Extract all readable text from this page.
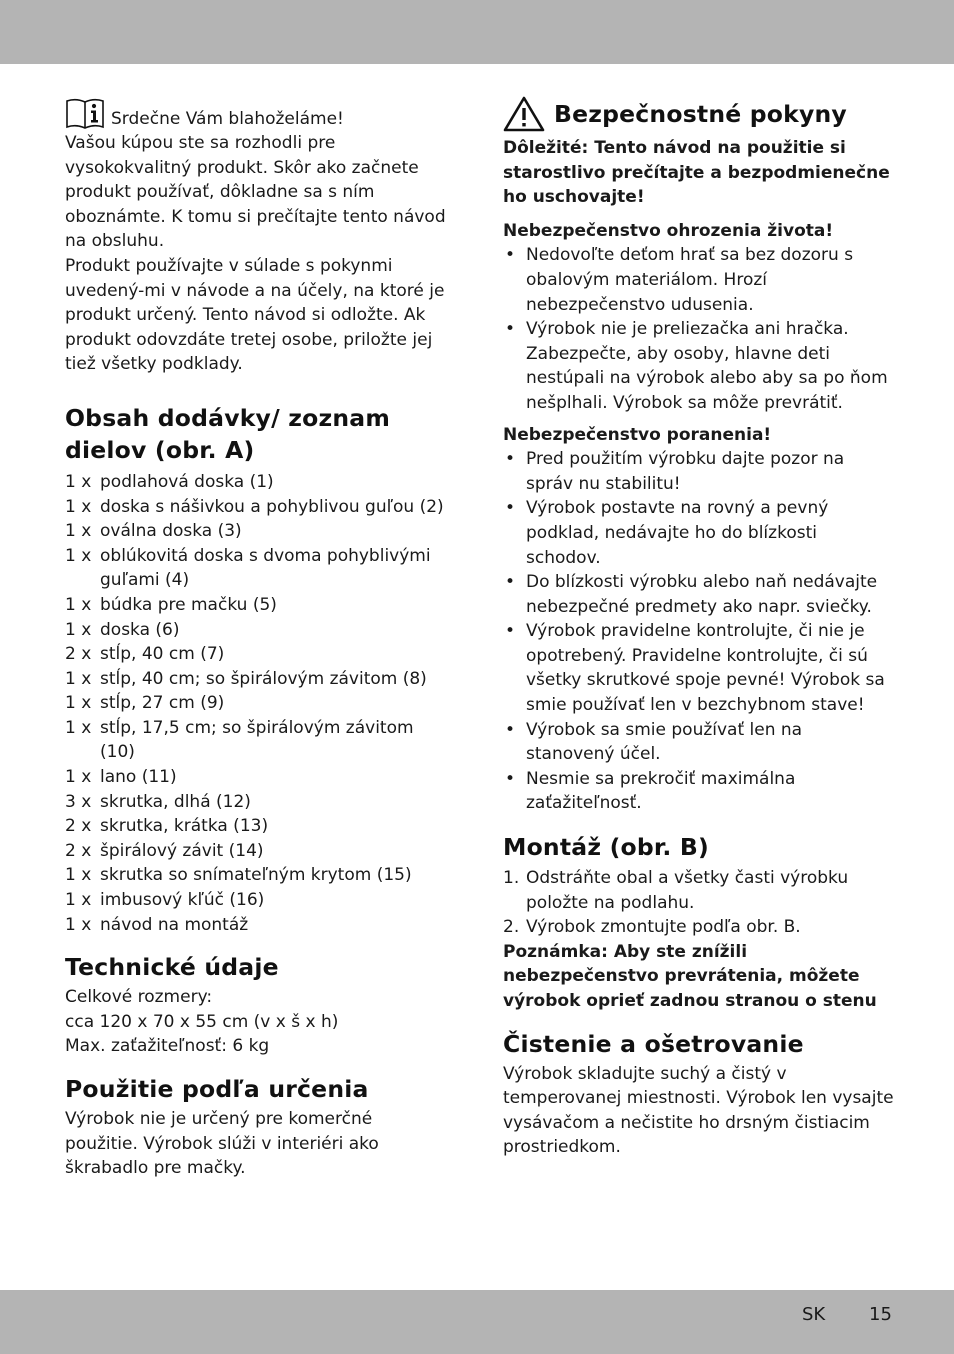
Srdečne Vám blahoželáme!

Vašou kúpou ste sa rozhodli pre vysokokvalitný produkt. Skôr ako začnete produkt používať, dôkladne sa s ním oboznámte. K tomu si prečítajte tento návod na obsluhu.

Produkt používajte v súlade s pokynmi uvedený-mi v návode a na účely, na ktoré je produkt určený. Tento návod si odložte. Ak produkt odovzdáte tretej osobe, priložte jej tiež všetky podklady.

Obsah dodávky/ zoznam dielov (obr. A)
1 x podlahová doska (1)
1 x doska s nášivkou a pohyblivou guľou (2)
1 x oválna doska (3)
1 x oblúkovitá doska s dvoma pohyblivými guľami (4)
1 x búdka pre mačku (5)
1 x doska (6)
2 x stĺp, 40 cm (7)
1 x stĺp, 40 cm; so špirálovým závitom (8)
1 x stĺp, 27 cm (9)
1 x stĺp, 17,5 cm; so špirálovým závitom (10)
1 x lano (11)
3 x skrutka, dlhá (12)
2 x skrutka, krátka (13)
2 x špirálový závit (14)
1 x skrutka so snímateľným krytom (15)
1 x imbusový kľúč (16)
1 x návod na montáž
Technické údaje

Celkové rozmery:

cca 120 x 70 x 55 cm (v x š x h)

Max. zaťažiteľnosť: 6 kg

Použitie podľa určenia

Výrobok nie je určený pre komerčné použitie. Výrobok slúži v interiéri ako škrabadlo pre mačky.

Bezpečnostné pokyny

Dôležité: Tento návod na použitie si starostlivo prečítajte a bezpodmienečne ho uschovajte!

Nebezpečenstvo ohrozenia života!

• Nedovoľte deťom hrať sa bez dozoru s obalovým materiálom. Hrozí nebezpečenstvo udusenia.
• Výrobok nie je preliezačka ani hračka. Zabezpečte, aby osoby, hlavne deti nestúpali na výrobok alebo aby sa po ňom nešplhali. Výrobok sa môže prevrátiť.

Nebezpečenstvo poranenia!

• Pred použitím výrobku dajte pozor na správ nu stabilitu!
• Výrobok postavte na rovný a pevný podklad, nedávajte ho do blízkosti schodov.
• Do blízkosti výrobku alebo naň nedávajte nebezpečné predmety ako napr. sviečky.
• Výrobok pravidelne kontrolujte, či nie je opotrebený. Pravidelne kontrolujte, či sú všetky skrutkové spoje pevné! Výrobok sa smie používať len v bezchybnom stave!
• Výrobok sa smie používať len na stanovený účel.
• Nesmie sa prekročiť maximálna zaťažiteľnosť.
Montáž (obr. B)
1. Odstráňte obal a všetky časti výrobku položte na podlahu.
2. Výrobok zmontujte podľa obr. B.

Poznámka: Aby ste znížili nebezpečenstvo prevrátenia, môžete výrobok oprieť zadnou stranou o stenu

Čistenie a ošetrovanie

Výrobok skladujte suchý a čistý v temperovanej miestnosti. Výrobok len vysajte vysávačom a nečistite ho drsným čistiacim prostriedkom.

SK 15
